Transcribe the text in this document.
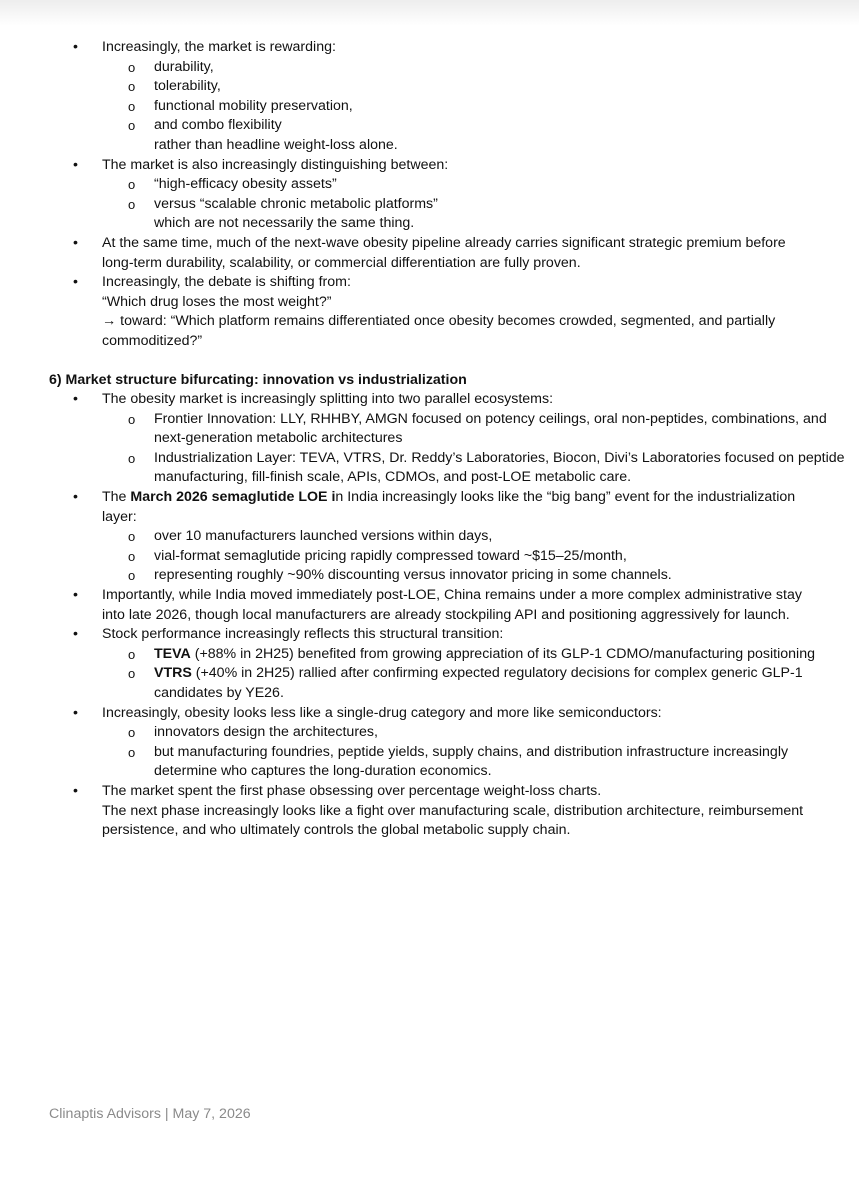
• Increasingly, the market is rewarding:
o durability,
o tolerability,
o functional mobility preservation,
o and combo flexibility
rather than headline weight-loss alone.
• The market is also increasingly distinguishing between:
o “high-efficacy obesity assets”
o versus “scalable chronic metabolic platforms”
which are not necessarily the same thing.
• At the same time, much of the next-wave obesity pipeline already carries significant strategic premium before long-term durability, scalability, or commercial differentiation are fully proven.
• Increasingly, the debate is shifting from:
“Which drug loses the most weight?”
→ toward: “Which platform remains differentiated once obesity becomes crowded, segmented, and partially commoditized?”
6) Market structure bifurcating: innovation vs industrialization
• The obesity market is increasingly splitting into two parallel ecosystems:
o Frontier Innovation: LLY, RHHBY, AMGN focused on potency ceilings, oral non-peptides, combinations, and next-generation metabolic architectures
o Industrialization Layer: TEVA, VTRS, Dr. Reddy’s Laboratories, Biocon, Divi’s Laboratories focused on peptide manufacturing, fill-finish scale, APIs, CDMOs, and post-LOE metabolic care.
• The March 2026 semaglutide LOE in India increasingly looks like the “big bang” event for the industrialization layer:
o over 10 manufacturers launched versions within days,
o vial-format semaglutide pricing rapidly compressed toward ~$15–25/month,
o representing roughly ~90% discounting versus innovator pricing in some channels.
• Importantly, while India moved immediately post-LOE, China remains under a more complex administrative stay into late 2026, though local manufacturers are already stockpiling API and positioning aggressively for launch.
• Stock performance increasingly reflects this structural transition:
o TEVA (+88% in 2H25) benefited from growing appreciation of its GLP-1 CDMO/manufacturing positioning
o VTRS (+40% in 2H25) rallied after confirming expected regulatory decisions for complex generic GLP-1 candidates by YE26.
• Increasingly, obesity looks less like a single-drug category and more like semiconductors:
o innovators design the architectures,
o but manufacturing foundries, peptide yields, supply chains, and distribution infrastructure increasingly determine who captures the long-duration economics.
• The market spent the first phase obsessing over percentage weight-loss charts.
The next phase increasingly looks like a fight over manufacturing scale, distribution architecture, reimbursement persistence, and who ultimately controls the global metabolic supply chain.
Clinaptis Advisors | May 7, 2026
